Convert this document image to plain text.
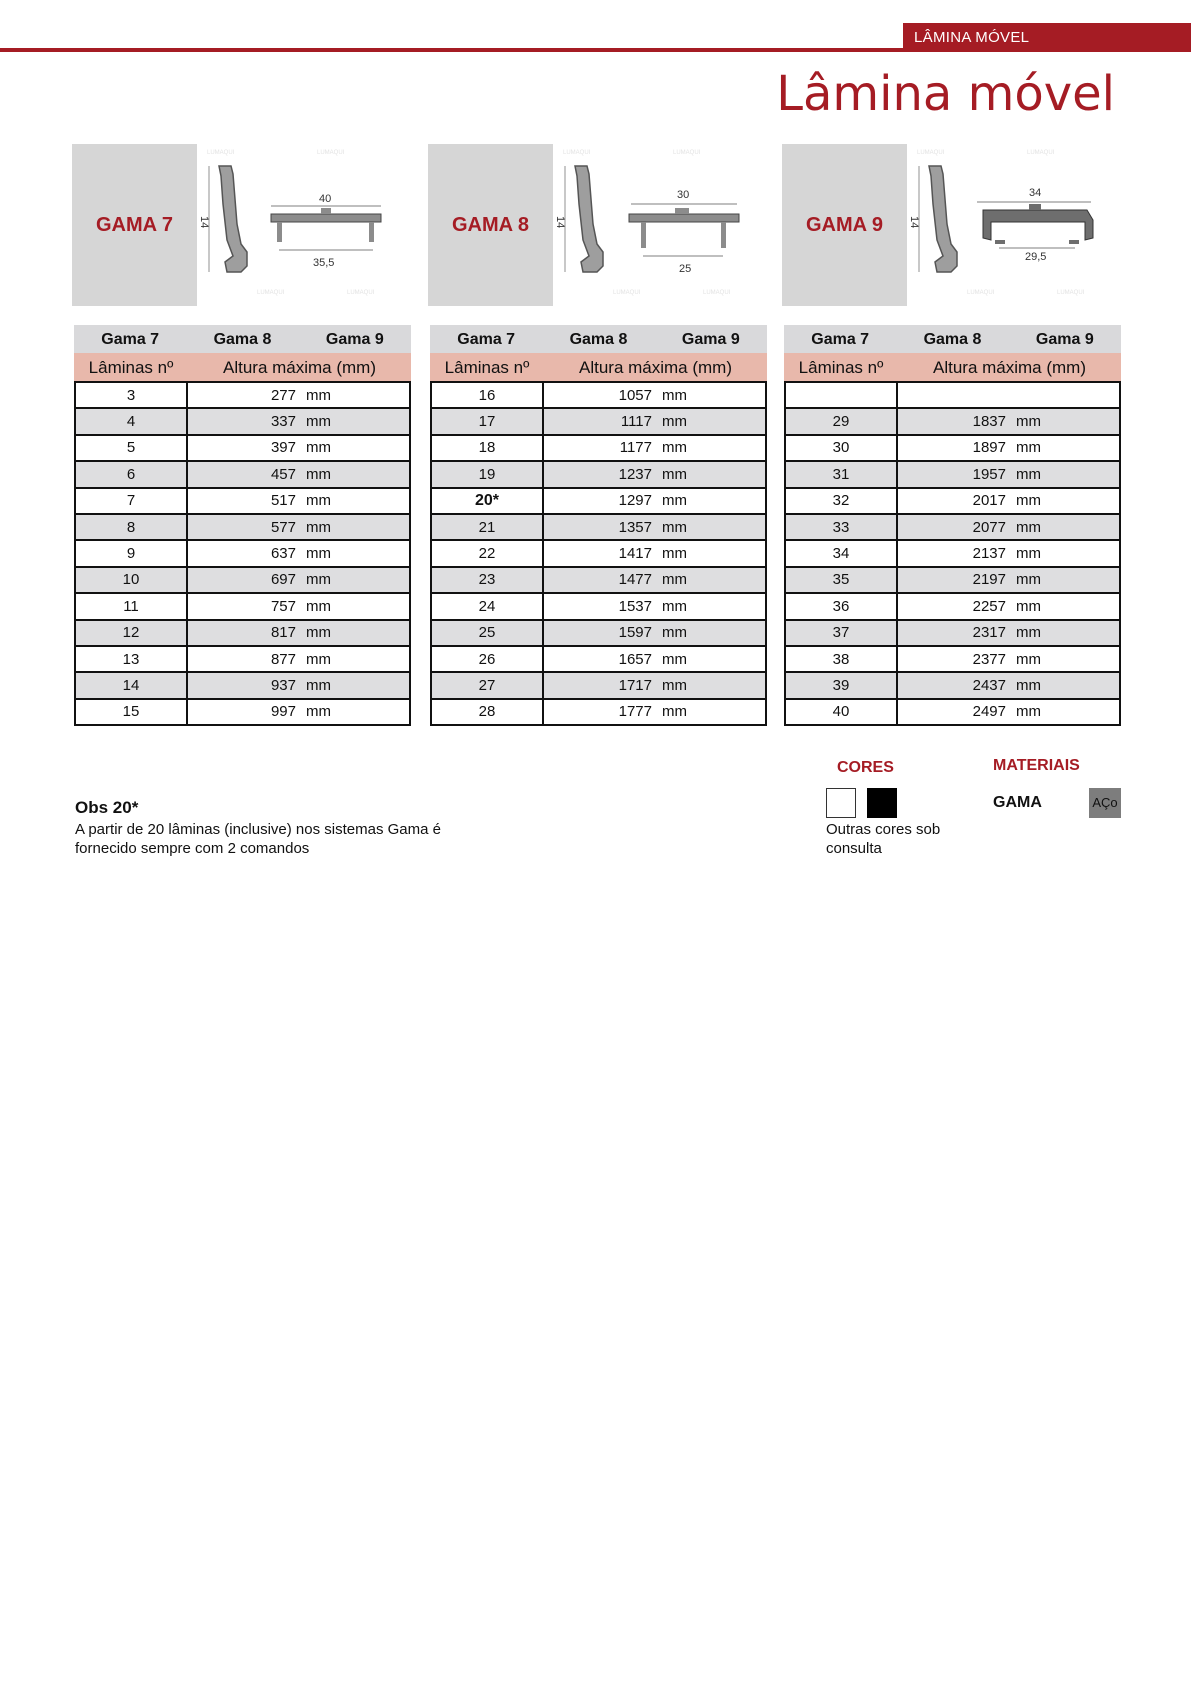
LÂMINA MÓVEL
Lâmina móvel
GAMA 7
LUMAQUI	LUMAQUI
LUMAQUI	LUMAQUI
14
40
35,5
GAMA 8
LUMAQUI	LUMAQUI
LUMAQUI	LUMAQUI
14
30
25
GAMA 9
LUMAQUI	LUMAQUI
LUMAQUI	LUMAQUI
14
34
29,5
Gama 7	Gama 8	Gama 9
Lâminas nº	Altura máxima (mm)
3	277 mm
4	337 mm
5	397 mm
6	457 mm
7	517 mm
8	577 mm
9	637 mm
10	697 mm
11	757 mm
12	817 mm
13	877 mm
14	937 mm
15	997 mm
Gama 7	Gama 8	Gama 9
Lâminas nº	Altura máxima (mm)
16	1057 mm
17	1117 mm
18	1177 mm
19	1237 mm
20*	1297 mm
21	1357 mm
22	1417 mm
23	1477 mm
24	1537 mm
25	1597 mm
26	1657 mm
27	1717 mm
28	1777 mm
Gama 7	Gama 8	Gama 9
Lâminas nº	Altura máxima (mm)

29	1837 mm
30	1897 mm
31	1957 mm
32	2017 mm
33	2077 mm
34	2137 mm
35	2197 mm
36	2257 mm
37	2317 mm
38	2377 mm
39	2437 mm
40	2497 mm
Obs 20*
A partir de 20 lâminas (inclusive) nos sistemas Gama é fornecido sempre com 2 comandos
CORES
Outras cores sob consulta
MATERIAIS
GAMA	AÇo
